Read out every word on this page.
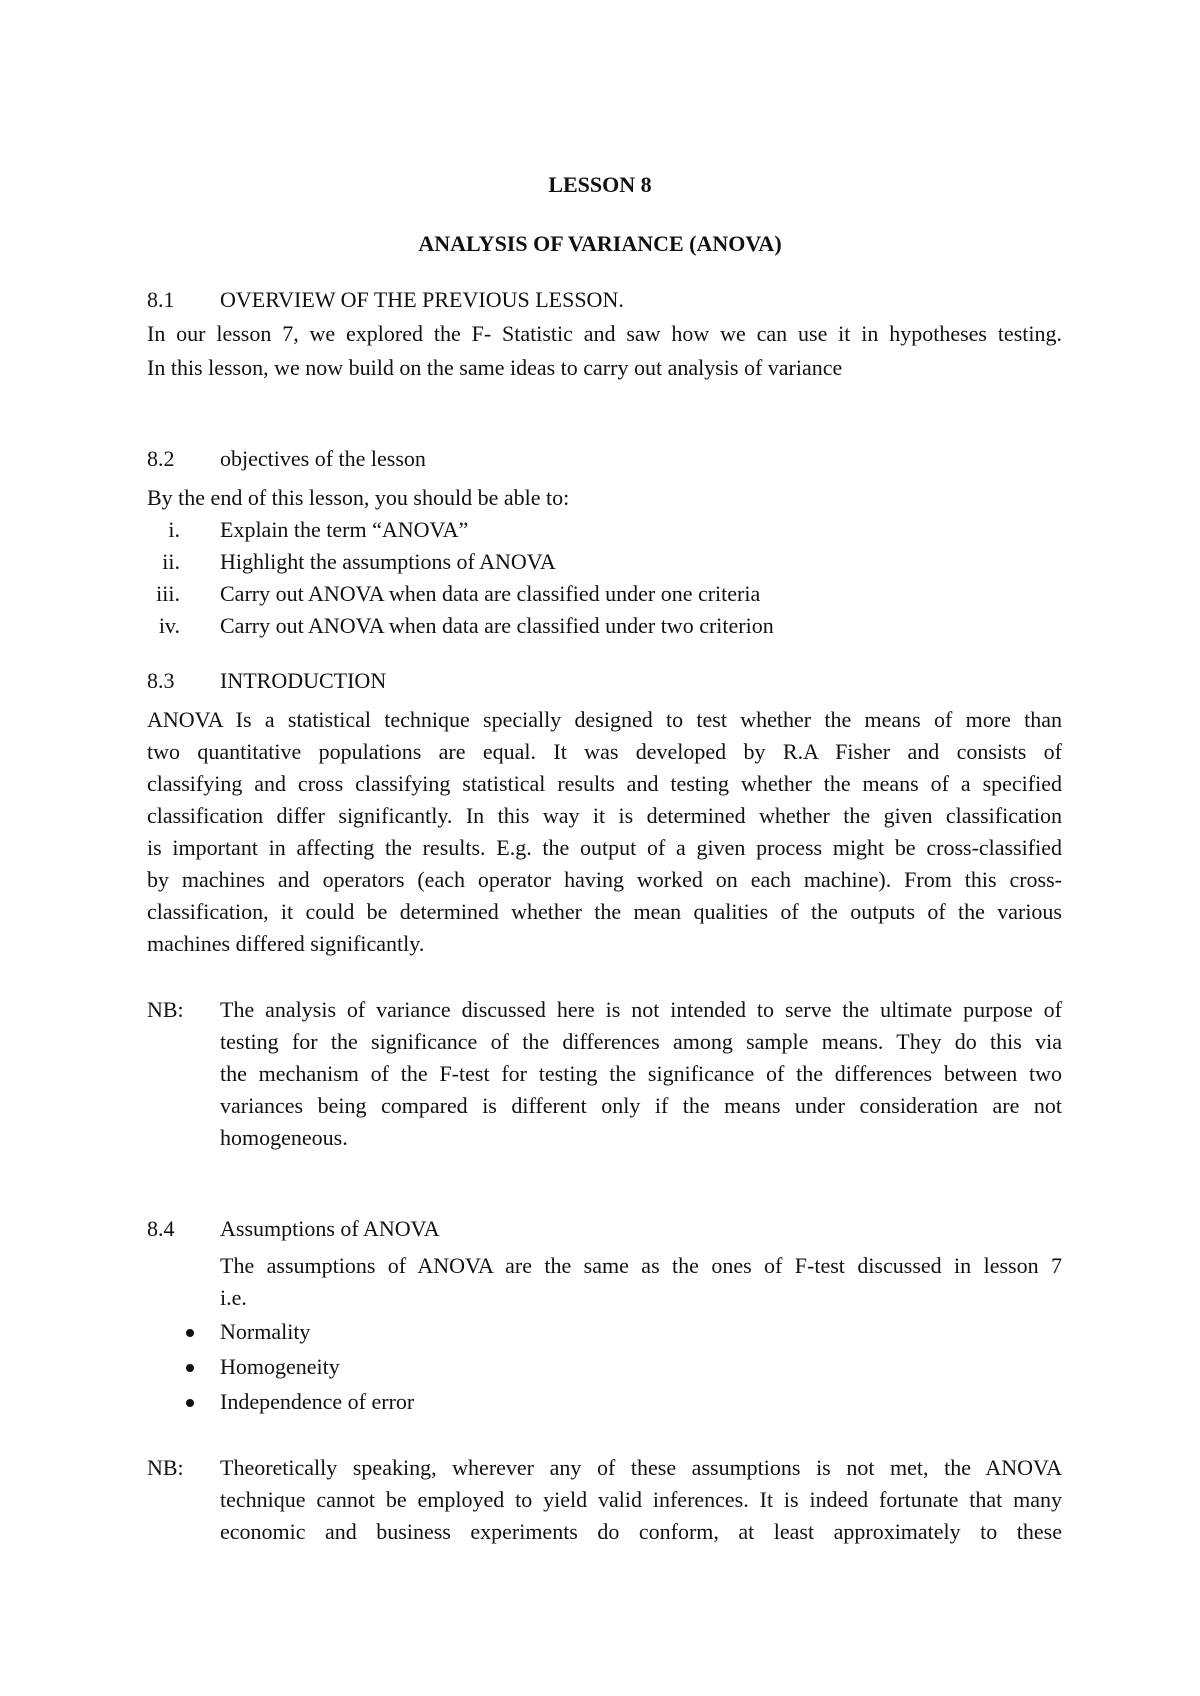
LESSON 8
ANALYSIS OF VARIANCE (ANOVA)
8.1	OVERVIEW OF THE PREVIOUS LESSON.
In our lesson 7, we explored the F- Statistic and saw how we can use it in hypotheses testing.
In this lesson, we now build on the same ideas to carry out analysis of variance
8.2	objectives of the lesson
By the end of this lesson, you should be able to:
i. Explain the term “ANOVA”
ii. Highlight the assumptions of ANOVA
iii. Carry out ANOVA when data are classified under one criteria
iv. Carry out ANOVA when data are classified under two criterion
8.3	INTRODUCTION
ANOVA Is a statistical technique specially designed to test whether the means of more than
two quantitative populations are equal. It was developed by R.A Fisher and consists of
classifying and cross classifying statistical results and testing whether the means of a specified
classification differ significantly. In this way it is determined whether the given classification
is important in affecting the results. E.g. the output of a given process might be cross-classified
by machines and operators (each operator having worked on each machine). From this cross-
classification, it could be determined whether the mean qualities of the outputs of the various
machines differed significantly.
NB: The analysis of variance discussed here is not intended to serve the ultimate purpose of
testing for the significance of the differences among sample means. They do this via
the mechanism of the F-test for testing the significance of the differences between two
variances being compared is different only if the means under consideration are not
homogeneous.
8.4	Assumptions of ANOVA
The assumptions of ANOVA are the same as the ones of F-test discussed in lesson 7
i.e.
Normality
Homogeneity
Independence of error
NB: Theoretically speaking, wherever any of these assumptions is not met, the ANOVA
technique cannot be employed to yield valid inferences. It is indeed fortunate that many
economic and business experiments do conform, at least approximately to these
